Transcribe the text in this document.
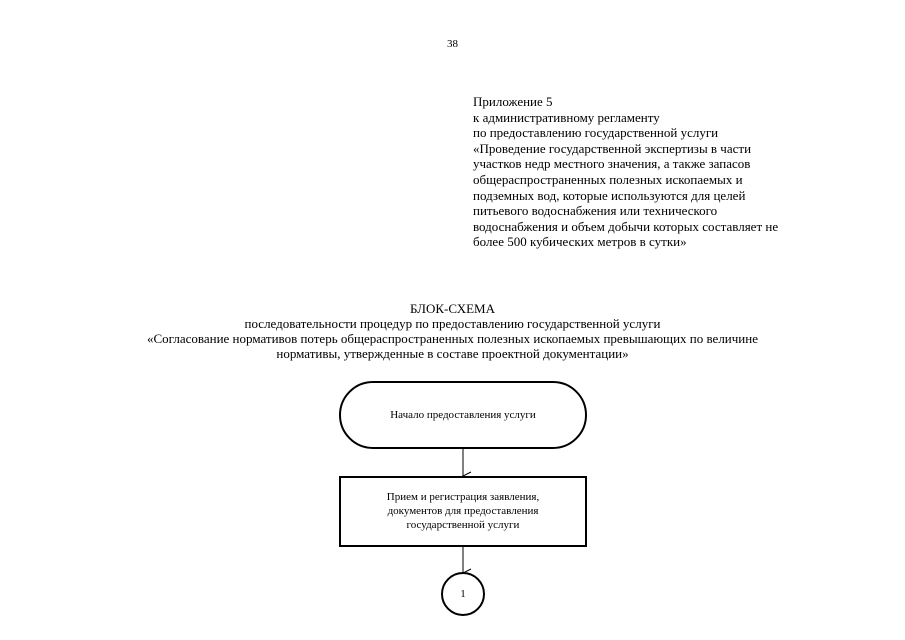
38
Приложение 5
к административному регламенту
по предоставлению государственной услуги
«Проведение государственной экспертизы в части
участков недр местного значения, а также запасов
общераспространенных полезных ископаемых и
подземных вод, которые используются для целей
питьевого водоснабжения или технического
водоснабжения и объем добычи которых составляет не
более 500 кубических метров в сутки»
БЛОК-СХЕМА
последовательности процедур по предоставлению государственной услуги
«Согласование нормативов потерь общераспространенных полезных ископаемых превышающих по величине
нормативы, утвержденные в составе проектной документации»
Начало предоставления услуги
Прием и регистрация заявления,
документов для предоставления
государственной услуги
1
